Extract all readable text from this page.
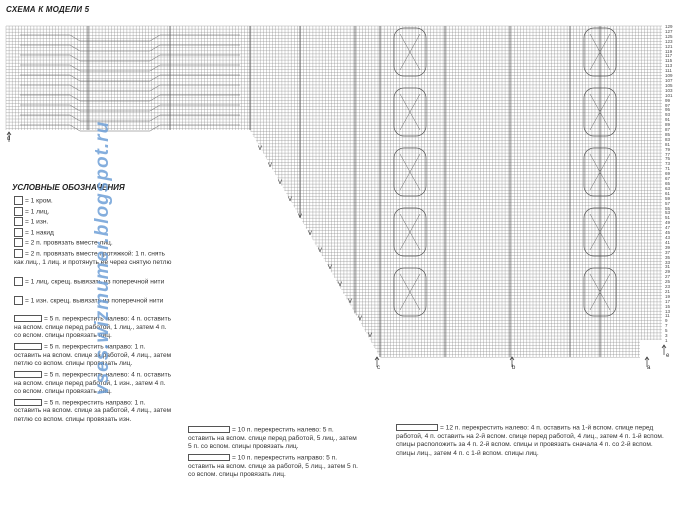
СХЕМА К МОДЕЛИ 5
V
V
V
V
V
V
V
V
V
V
V
V
129
127
125
123
121
119
117
115
113
111
109
107
105
103
101
99
97
95
93
91
89
87
85
83
81
79
77
75
73
71
69
67
65
63
61
59
57
55
53
51
49
47
45
43
41
39
37
35
33
31
29
27
25
23
21
19
17
15
13
11
9
7
5
3
1
УСЛОВНЫЕ ОБОЗНАЧЕНИЯ
= 1 кром.
= 1 лиц.
= 1 изн.
= 1 накид
= 2 п. провязать вместе лиц.
= 2 п. провязать вместе протяжкой: 1 п. снять как лиц., 1 лиц. и протянуть её через снятую петлю
= 1 лиц. скрещ. вывязать из поперечной нити
= 1 изн. скрещ. вывязать из поперечной нити
= 5 п. перекрестить налево: 4 п. оставить на вспом. спице перед работой, 1 лиц., затем 4 п. со вспом. спицы провязать лиц.
= 5 п. перекрестить направо: 1 п. оставить на вспом. спице за работой, 4 лиц., затем петлю со вспом. спицы провязать лиц.
= 5 п. перекрестить налево: 4 п. оставить на вспом. спице перед работой, 1 изн., затем 4 п. со вспом. спицы провязать лиц.
= 5 п. перекрестить направо: 1 п. оставить на вспом. спице за работой, 4 лиц., затем петлю со вспом. спицы провязать изн.
= 10 п. перекрестить налево: 5 п. оставить на вспом. спице перед работой, 5 лиц., затем 5 п. со вспом. спицы провязать лиц.
= 10 п. перекрестить направо: 5 п. оставить на вспом. спице за работой, 5 лиц., затем 5 п. со вспом. спицы провязать лиц.
= 12 п. перекрестить налево: 4 п. оставить на 1-й вспом. спице перед работой, 4 п. оставить на 2-й вспом. спице перед работой, 4 лиц., затем 4 п. 1-й вспом. спицы расположить за 4 п. 2-й вспом. спицы и провязать сначала 4 п. со 2-й вспом. спицы лиц., затем 4 п. с 1-й вспом. спицы лиц.
vses.wizmumer.blogspot.ru
d
c	b	a
e
